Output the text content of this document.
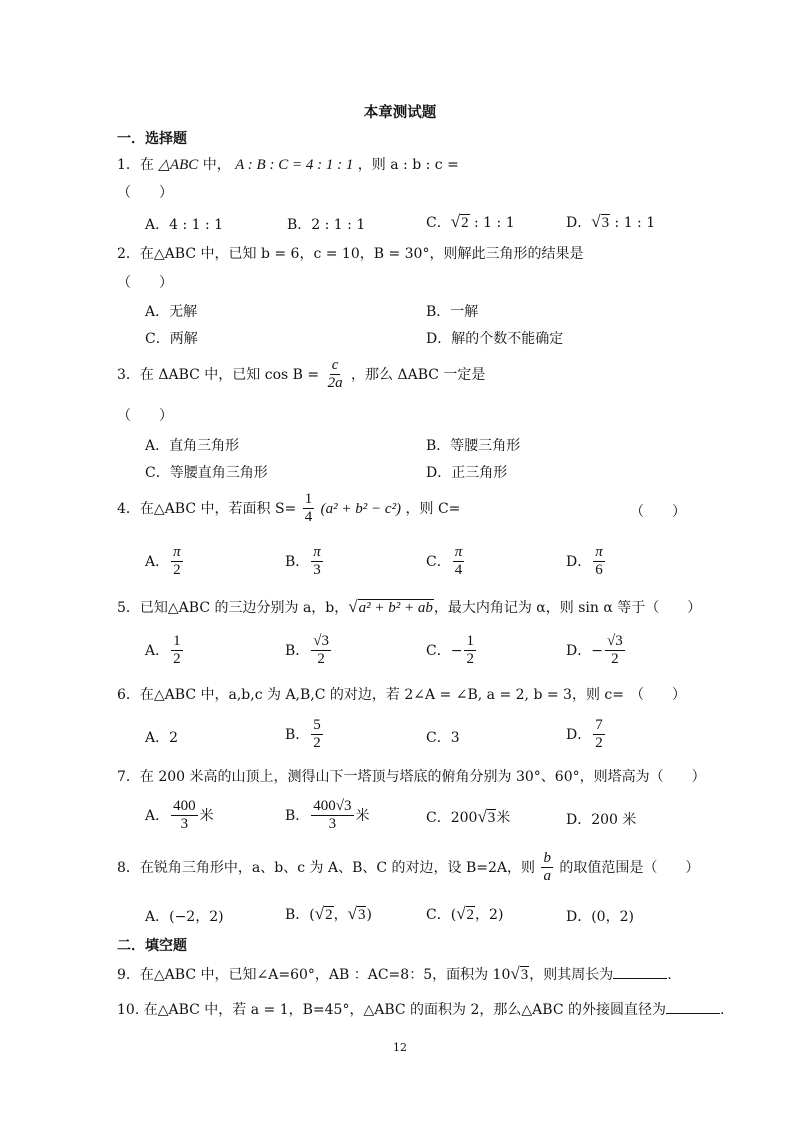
本章测试题
一．选择题
1．在 △ABC 中， A : B : C = 4 : 1 : 1 ，则 a : b : c =
（　　）
A．4 : 1 : 1	B．2 : 1 : 1	C．√2 : 1 : 1	D．√3 : 1 : 1
2．在△ABC 中，已知 b = 6，c = 10，B = 30°，则解此三角形的结果是
（　　）
A．无解	B．一解
C．两解	D．解的个数不能确定
3．在 ΔABC 中，已知 $\cos B = \frac{c}{2a}$ ，那么 ΔABC 一定是
（　　）
A．直角三角形	B．等腰三角形
C．等腰直角三角形	D．正三角形
4．在△ABC 中，若面积 $S= \frac{1}{4} (a^2 + b^2 - c^2)$ ，则 C=	（　　）
A． $\frac{\pi}{2}$	B． $\frac{\pi}{3}$	C． $\frac{\pi}{4}$	D． $\frac{\pi}{6}$
5．已知△ABC 的三边分别为 a，b，√a² + b² + ab，最大内角记为 α，则 sin α 等于（　　）
A． $\frac{1}{2}$	B． $\frac{√3}{2}$	C．− $\frac{1}{2}$	D．− $\frac{√3}{2}$
6．在△ABC 中，a,b,c 为 A,B,C 的对边，若 2∠A = ∠B, a = 2, b = 3，则 c= （　　）
A．2	B． $\frac{5}{2}$	C．3	D． $\frac{7}{2}$
7．在 200 米高的山顶上，测得山下一塔顶与塔底的俯角分别为 30°、60°，则塔高为（　　）
A． $\frac{400}{3}$ 米	B． $\frac{400√3}{3}$ 米	C．200√3米	D．200 米
8．在锐角三角形中，a、b、c 为 A、B、C 的对边，设 B=2A，则 $\frac{b}{a}$ 的取值范围是（　　）
A．(−2，2)	B．(√2，√3)	C．(√2，2)	D．(0，2)
二．填空题
9．在△ABC 中，已知∠A=60°，AB ：AC=8：5，面积为 10√3，则其周长为	.
10. 在△ABC 中，若 a = 1，B=45°，△ABC 的面积为 2，那么△ABC 的外接圆直径为	.
12
